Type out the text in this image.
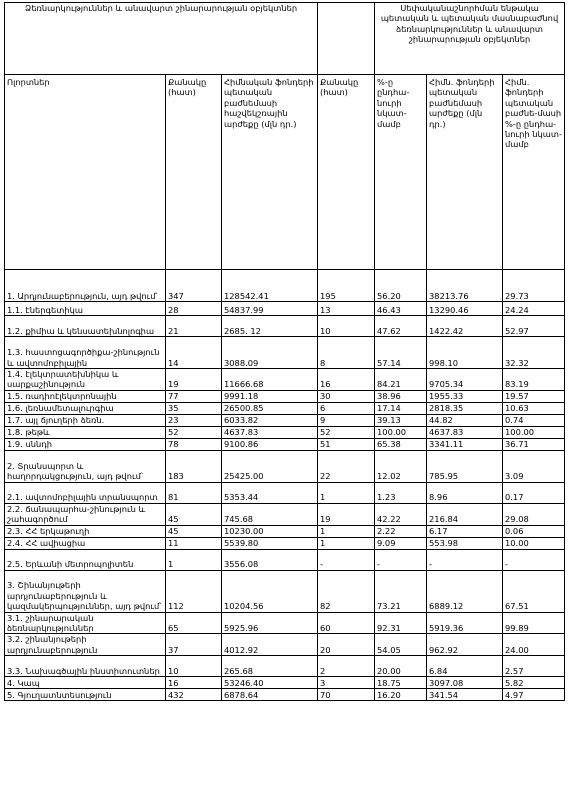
Ձեռնարկություններ և անավարտ շինարարության օբյեկտներ				Սեփականաշնորհման ենթակա պետական և պետական մասնաբաժնով ձեռնարկություններ և անավարտ շինարարության օբյեկտներ		
Ոլորտներ	Քանակը (հատ)	Հիմնական ֆոնդերի պետական բաժնեմասի հաշվեկշռային արժեքը (մլն դր.)	Քանակը (հատ)	%-ը ընդհա-նուրի նկատ-մամբ	Հիմն. ֆոնդերի պետական բաժնեմասի արժեքը (մլն դր.)	Հիմն. ֆոնդերի պետական բաժնե-մասի %-ը ընդհա-նուրի նկատ-մամբ
1. Արդյունաբերություն, այդ թվում՝	347	128542.41	195	56.20	38213.76	29.73
1.1. էներգետիկա	28	54837.99	13	46.43	13290.46	24.24
1.2. քիմիա և կենսատեխնոլոգիա	21	2685. 12	10	47.62	1422.42	52.97
1.3. հաստոցագործիքա-շինություն և ավտոմոբիլային	14	3088.09	8	57.14	998.10	32.32
1.4. էլեկտրատեխնիկա և սարքաշինություն	19	11666.68	16	84.21	9705.34	83.19
1.5. ռադիոէլեկտրոնային	77	9991.18	30	38.96	1955.33	19.57
1.6. լեռնամետալուրգիա	35	26500.85	6	17.14	2818.35	10.63
1.7. այլ ճյուղերի ձեռն.	23	6033.82	9	39.13	44.82	0.74
1.8. թեթև	52	4637.83	52	100.00	4637.83	100.00
1.9. սննդի	78	9100.86	51	65.38	3341.11	36.71
2. Տրանսպորտ և հաղորդակցություն, այդ թվում՝	183	25425.00	22	12.02	785.95	3.09
2.1. ավտոմոբիլային տրանսպորտ	81	5353.44	1	1.23	8.96	0.17
2.2. ճանապարհա-շինություն և շահագործում	45	745.68	19	42.22	216.84	29.08
2.3. ՀՀ երկաթուղի	45	10230.00	1	2.22	6.17	0.06
2.4. ՀՀ ավիացիա	11	5539.80	1	9.09	553.98	10.00
2.5. Երևանի մետրոպոլիտեն	1	3556.08	-	-	-	-
3. Շինանյութերի արդյունաբերություն և կազմակերպություններ, այդ թվում՝	112	10204.56	82	73.21	6889.12	67.51
3.1. շինարարական ձեռնարկություններ	65	5925.96	60	92.31	5919.36	99.89
3.2. շինանյութերի արդյունաբերություն	37	4012.92	20	54.05	962.92	24.00
3.3. Նախագծային ինստիտուտներ	10	265.68	2	20.00	6.84	2.57
4. Կապ	16	53246.40	3	18.75	3097.08	5.82
5. Գյուղատնտեսություն	432	6878.64	70	16.20	341.54	4.97
